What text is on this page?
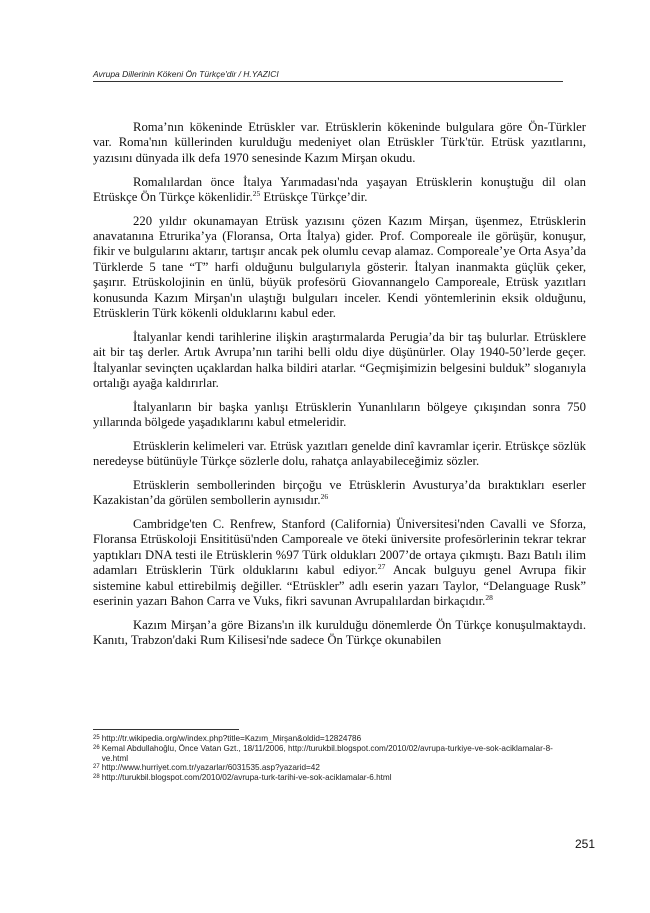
Avrupa Dillerinin Kökeni Ön Türkçe'dir / H.YAZICI

Roma’nın kökeninde Etrüskler var. Etrüsklerin kökeninde bulgulara göre Ön-Türkler var. Roma'nın küllerinden kurulduğu medeniyet olan Etrüskler Türk'tür. Etrüsk yazıtlarını, yazısını dünyada ilk defa 1970 senesinde Kazım Mirşan okudu.

Romalılardan önce İtalya Yarımadası'nda yaşayan Etrüsklerin konuştuğu dil olan Etrüskçe Ön Türkçe kökenlidir.$^{25}$ Etrüskçe Türkçe’dir.

220 yıldır okunamayan Etrüsk yazısını çözen Kazım Mirşan, üşenmez, Etrüsklerin anavatanına Etrurika’ya (Floransa, Orta İtalya) gider. Prof. Comporeale ile görüşür, konuşur, fikir ve bulgularını aktarır, tartışır ancak pek olumlu cevap alamaz. Comporeale’ye Orta Asya’da Türklerde 5 tane “T” harfi olduğunu bulgularıyla gösterir. İtalyan inanmakta güçlük çeker, şaşırır. Etrüskolojinin en ünlü, büyük profesörü Giovannangelo Camporeale, Etrüsk yazıtları konusunda Kazım Mirşan'ın ulaştığı bulguları inceler. Kendi yöntemlerinin eksik olduğunu, Etrüsklerin Türk kökenli olduklarını kabul eder.

İtalyanlar kendi tarihlerine ilişkin araştırmalarda Perugia’da bir taş bulurlar. Etrüsklere ait bir taş derler. Artık Avrupa’nın tarihi belli oldu diye düşünürler. Olay 1940-50’lerde geçer. İtalyanlar sevinçten uçaklardan halka bildiri atarlar. “Geçmişimizin belgesini bulduk” sloganıyla ortalığı ayağa kaldırırlar.

İtalyanların bir başka yanlışı Etrüsklerin Yunanlıların bölgeye çıkışından sonra 750 yıllarında bölgede yaşadıklarını kabul etmeleridir.

Etrüsklerin kelimeleri var. Etrüsk yazıtları genelde dinî kavramlar içerir. Etrüskçe sözlük neredeyse bütünüyle Türkçe sözlerle dolu, rahatça anlayabileceğimiz sözler.

Etrüsklerin sembollerinden birçoğu ve Etrüsklerin Avusturya’da bıraktıkları eserler Kazakistan’da görülen sembollerin aynısıdır.$^{26}$

Cambridge'ten C. Renfrew, Stanford (California) Üniversitesi'nden Cavalli ve Sforza, Floransa Etrüskoloji Ensititüsü'nden Camporeale ve öteki üniversite profesörlerinin tekrar tekrar yaptıkları DNA testi ile Etrüsklerin %97 Türk oldukları 2007’de ortaya çıkmıştı. Bazı Batılı ilim adamları Etrüsklerin Türk olduklarını kabul ediyor.$^{27}$ Ancak bulguyu genel Avrupa fikir sistemine kabul ettirebilmiş değiller. “Etrüskler” adlı eserin yazarı Taylor, “Delanguage Rusk” eserinin yazarı Bahon Carra ve Vuks, fikri savunan Avrupalılardan birkaçıdır.$^{28}$

Kazım Mirşan’a göre Bizans'ın ilk kurulduğu dönemlerde Ön Türkçe konuşulmaktaydı. Kanıtı, Trabzon'daki Rum Kilisesi'nde sadece Ön Türkçe okunabilen

25 http://tr.wikipedia.org/w/index.php?title=Kazım_Mirşan&oldid=12824786
26 Kemal Abdullahoğlu, Önce Vatan Gzt., 18/11/2006, http://turukbil.blogspot.com/2010/02/avrupa-turkiye-ve-sok-aciklamalar-8-ve.html
27 http://www.hurriyet.com.tr/yazarlar/6031535.asp?yazarid=42
28 http://turukbil.blogspot.com/2010/02/avrupa-turk-tarihi-ve-sok-aciklamalar-6.html
251
